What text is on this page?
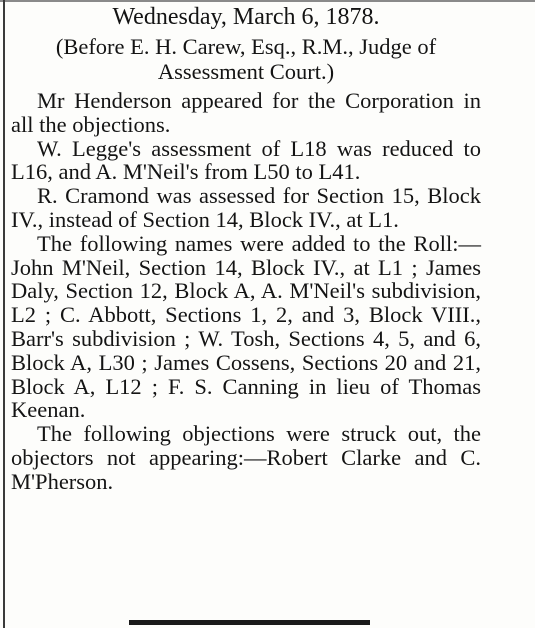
Wednesday, March 6, 1878.
(Before E. H. Carew, Esq., R.M., Judge of Assessment Court.)

Mr Henderson appeared for the Corporation in all the objections.

W. Legge's assessment of L18 was reduced to L16, and A. M'Neil's from L50 to L41.

R. Cramond was assessed for Section 15, Block IV., instead of Section 14, Block IV., at L1.

The following names were added to the Roll:—John M'Neil, Section 14, Block IV., at L1 ; James Daly, Section 12, Block A, A. M'Neil's subdivision, L2 ; C. Abbott, Sections 1, 2, and 3, Block VIII., Barr's subdivision ; W. Tosh, Sections 4, 5, and 6, Block A, L30 ; James Cossens, Sections 20 and 21, Block A, L12 ; F. S. Canning in lieu of Thomas Keenan.

The following objections were struck out, the objectors not appearing:—Robert Clarke and C. M'Pherson.
